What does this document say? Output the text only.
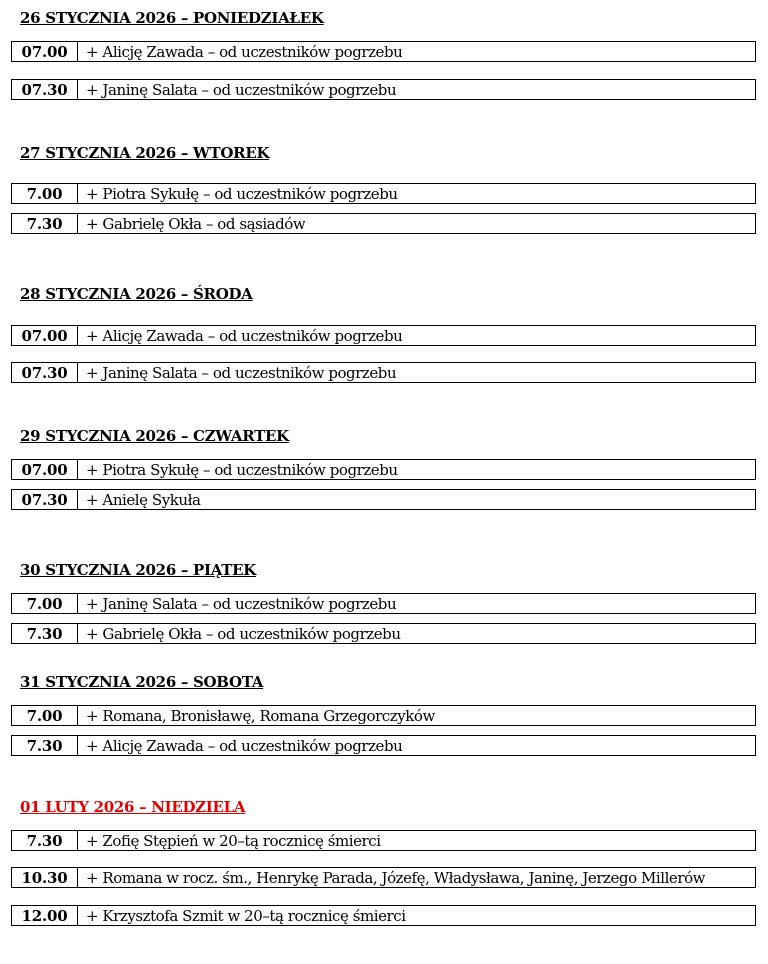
26 STYCZNIA 2026 – PONIEDZIAŁEK
07.00	+ Alicję Zawada – od uczestników pogrzebu
07.30	+ Janinę Salata – od uczestników pogrzebu
27 STYCZNIA 2026 – WTOREK
7.00	+ Piotra Sykułę – od uczestników pogrzebu
7.30	+ Gabrielę Okła – od sąsiadów
28 STYCZNIA 2026 – ŚRODA
07.00	+ Alicję Zawada – od uczestników pogrzebu
07.30	+ Janinę Salata – od uczestników pogrzebu
29 STYCZNIA 2026 – CZWARTEK
07.00	+ Piotra Sykułę – od uczestników pogrzebu
07.30	+ Anielę Sykuła
30 STYCZNIA 2026 – PIĄTEK
7.00	+ Janinę Salata – od uczestników pogrzebu
7.30	+ Gabrielę Okła – od uczestników pogrzebu
31 STYCZNIA 2026 – SOBOTA
7.00	+ Romana, Bronisławę, Romana Grzegorczyków
7.30	+ Alicję Zawada – od uczestników pogrzebu
01 LUTY 2026 – NIEDZIELA
7.30	+ Zofię Stępień w 20–tą rocznicę śmierci
10.30	+ Romana w rocz. śm., Henrykę Parada, Józefę, Władysława, Janinę, Jerzego Millerów
12.00	+ Krzysztofa Szmit w 20–tą rocznicę śmierci
